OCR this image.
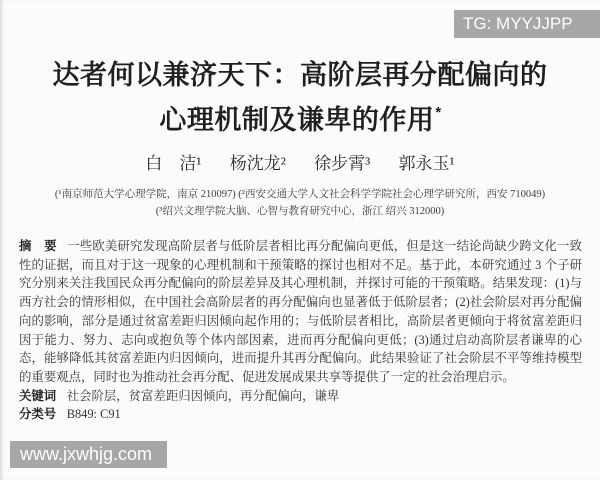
TG: MYYJJPP
达者何以兼济天下：高阶层再分配偏向的
心理机制及谦卑的作用*
白　洁¹ 杨沈龙² 徐步霄³ 郭永玉¹
(¹南京师范大学心理学院，南京 210097) (²西安交通大学人文社会科学学院社会心理学研究所，西安 710049)
(³绍兴文理学院大脑、心智与教育研究中心，浙江 绍兴 312000)

摘　要 一些欧美研究发现高阶层者与低阶层者相比再分配偏向更低，但是这一结论尚缺少跨文化一致性的证据，而且对于这一现象的心理机制和干预策略的探讨也相对不足。基于此，本研究通过 3 个子研究分别来关注我国民众再分配偏向的阶层差异及其心理机制，并探讨可能的干预策略。结果发现：(1)与西方社会的情形相似，在中国社会高阶层者的再分配偏向也显著低于低阶层者；(2)社会阶层对再分配偏向的影响，部分是通过贫富差距归因倾向起作用的；与低阶层者相比，高阶层者更倾向于将贫富差距归因于能力、努力、志向或抱负等个体内部因素，进而再分配偏向更低；(3)通过启动高阶层者谦卑的心态，能够降低其贫富差距内归因倾向，进而提升其再分配偏向。此结果验证了社会阶层不平等维持模型的重要观点，同时也为推动社会再分配、促进发展成果共享等提供了一定的社会治理启示。

关键词 社会阶层，贫富差距归因倾向，再分配偏向，谦卑

分类号 B849: C91

www.jxwhjg.com
